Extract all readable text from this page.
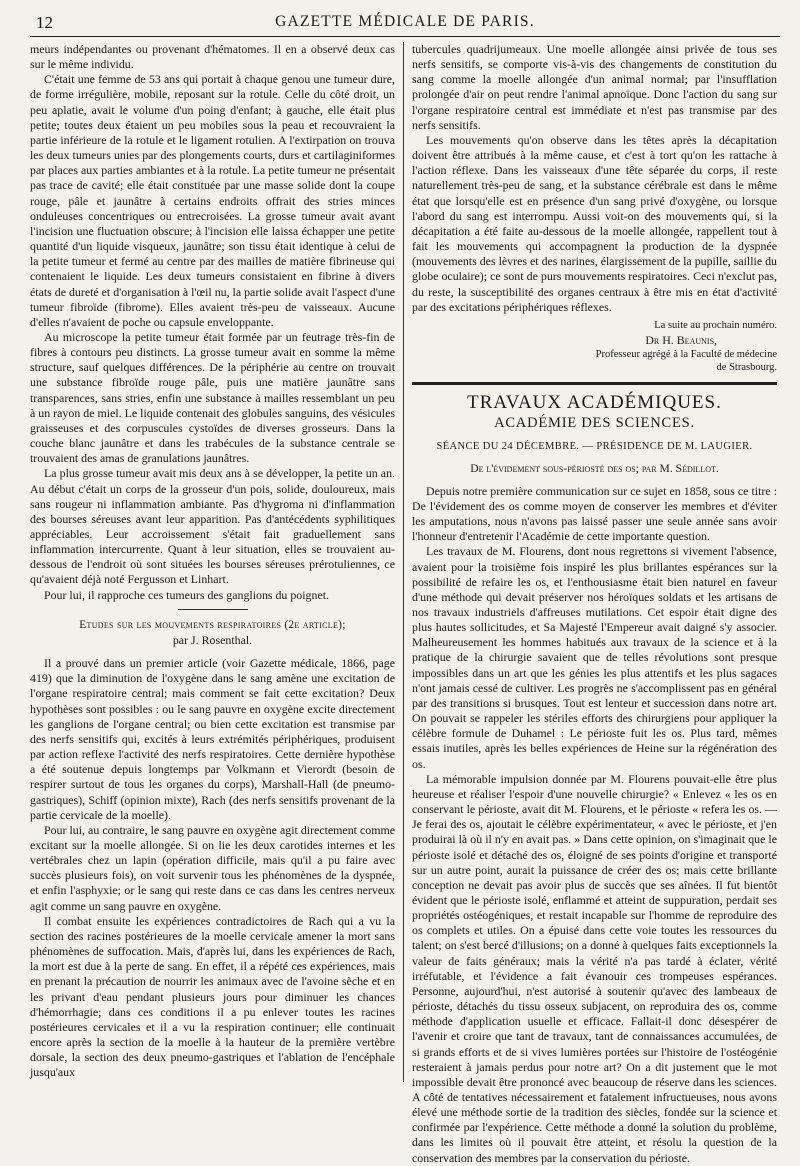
12	GAZETTE MÉDICALE DE PARIS.

meurs indépendantes ou provenant d'hématomes. Il en a observé deux cas sur le même individu.

C'était une femme de 53 ans qui portait à chaque genou une tumeur dure, de forme irrégulière, mobile, reposant sur la rotule. Celle du côté droit, un peu aplatie, avait le volume d'un poing d'enfant; à gauche, elle était plus petite; toutes deux étaient un peu mobiles sous la peau et recouvraient la partie inférieure de la rotule et le ligament rotulien. A l'extirpation on trouva les deux tumeurs unies par des plongements courts, durs et cartilaginiformes par places aux parties ambiantes et à la rotule. La petite tumeur ne présentait pas trace de cavité; elle était constituée par une masse solide dont la coupe rouge, pâle et jaunâtre à certains endroits offrait des stries minces onduleuses concentriques ou entrecroisées. La grosse tumeur avait avant l'incision une fluctuation obscure; à l'incision elle laissa échapper une petite quantité d'un liquide visqueux, jaunâtre; son tissu était identique à celui de la petite tumeur et fermé au centre par des mailles de matière fibrineuse qui contenaient le liquide. Les deux tumeurs consistaient en fibrine à divers états de dureté et d'organisation à l'œil nu, la partie solide avait l'aspect d'une tumeur fibroïde (fibrome). Elles avaient très-peu de vaisseaux. Aucune d'elles n'avaient de poche ou capsule enveloppante.

Au microscope la petite tumeur était formée par un feutrage très-fin de fibres à contours peu distincts. La grosse tumeur avait en somme la même structure, sauf quelques différences. De la périphérie au centre on trouvait une substance fibroïde rouge pâle, puis une matière jaunâtre sans transparences, sans stries, enfin une substance à mailles ressemblant un peu à un rayon de miel. Le liquide contenait des globules sanguins, des vésicules graisseuses et des corpuscules cystoïdes de diverses grosseurs. Dans la couche blanc jaunâtre et dans les trabécules de la substance centrale se trouvaient des amas de granulations jaunâtres.

La plus grosse tumeur avait mis deux ans à se développer, la petite un an. Au début c'était un corps de la grosseur d'un pois, solide, douloureux, mais sans rougeur ni inflammation ambiante. Pas d'hygroma ni d'inflammation des bourses séreuses avant leur apparition. Pas d'antécédents syphilitiques appréciables. Leur accroissement s'était fait graduellement sans inflammation intercurrente. Quant à leur situation, elles se trouvaient au-dessous de l'endroit où sont situées les bourses séreuses prérotuliennes, ce qu'avaient déjà noté Fergusson et Linhart.

Pour lui, il rapproche ces tumeurs des ganglions du poignet.

Etudes sur les mouvements respiratoires (2e article);

par J. Rosenthal.

Il a prouvé dans un premier article (voir Gazette médicale, 1866, page 419) que la diminution de l'oxygène dans le sang amène une excitation de l'organe respiratoire central; mais comment se fait cette excitation? Deux hypothèses sont possibles : ou le sang pauvre en oxygène excite directement les ganglions de l'organe central; ou bien cette excitation est transmise par des nerfs sensitifs qui, excités à leurs extrémités périphériques, produisent par action reflexe l'activité des nerfs respiratoires. Cette dernière hypothèse a été soutenue depuis longtemps par Volkmann et Vierordt (besoin de respirer surtout de tous les organes du corps), Marshall-Hall (de pneumo-gastriques), Schiff (opinion mixte), Rach (des nerfs sensitifs provenant de la partie cervicale de la moelle).

Pour lui, au contraire, le sang pauvre en oxygène agit directement comme excitant sur la moelle allongée. Si on lie les deux carotides internes et les vertébrales chez un lapin (opération difficile, mais qu'il a pu faire avec succès plusieurs fois), on voit survenir tous les phénomènes de la dyspnée, et enfin l'asphyxie; or le sang qui reste dans ce cas dans les centres nerveux agit comme un sang pauvre en oxygène.

Il combat ensuite les expériences contradictoires de Rach qui a vu la section des racines postérieures de la moelle cervicale amener la mort sans phénomènes de suffocation. Mais, d'après lui, dans les expériences de Rach, la mort est due à la perte de sang. En effet, il a répété ces expériences, mais en prenant la précaution de nourrir les animaux avec de l'avoine sèche et en les privant d'eau pendant plusieurs jours pour diminuer les chances d'hémorrhagie; dans ces conditions il a pu enlever toutes les racines postérieures cervicales et il a vu la respiration continuer; elle continuait encore après la section de la moelle à la hauteur de la première vertèbre dorsale, la section des deux pneumo-gastriques et l'ablation de l'encéphale jusqu'aux

tubercules quadrijumeaux. Une moelle allongée ainsi privée de tous ses nerfs sensitifs, se comporte vis-à-vis des changements de constitution du sang comme la moelle allongée d'un animal normal; par l'insufflation prolongée d'air on peut rendre l'animal apnoïque. Donc l'action du sang sur l'organe respiratoire central est immédiate et n'est pas transmise par des nerfs sensitifs.

Les mouvements qu'on observe dans les têtes après la décapitation doivent être attribués à la même cause, et c'est à tort qu'on les rattache à l'action réflexe. Dans les vaisseaux d'une tête séparée du corps, il reste naturellement très-peu de sang, et la substance cérébrale est dans le même état que lorsqu'elle est en présence d'un sang privé d'oxygène, ou lorsque l'abord du sang est interrompu. Aussi voit-on des mouvements qui, si la décapitation a été faite au-dessous de la moelle allongée, rappellent tout à fait les mouvements qui accompagnent la production de la dyspnée (mouvements des lèvres et des narines, élargissement de la pupille, saillie du globe oculaire); ce sont de purs mouvements respiratoires. Ceci n'exclut pas, du reste, la susceptibilité des organes centraux à être mis en état d'activité par des excitations périphériques réflexes.

La suite au prochain numéro.

Dr H. Beaunis,

Professeur agrégé à la Faculté de médecine

de Strasbourg.

TRAVAUX ACADÉMIQUES.

ACADÉMIE DES SCIENCES.

SÉANCE DU 24 DÉCEMBRE. — PRÉSIDENCE DE M. LAUGIER.

De l'évidement sous-périosté des os; par M. Sédillot.

Depuis notre première communication sur ce sujet en 1858, sous ce titre : De l'évidement des os comme moyen de conserver les membres et d'éviter les amputations, nous n'avons pas laissé passer une seule année sans avoir l'honneur d'entretenir l'Académie de cette importante question.

Les travaux de M. Flourens, dont nous regrettons si vivement l'absence, avaient pour la troisième fois inspiré les plus brillantes espérances sur la possibilité de refaire les os, et l'enthousiasme était bien naturel en faveur d'une méthode qui devait préserver nos héroïques soldats et les artisans de nos travaux industriels d'affreuses mutilations. Cet espoir était digne des plus hautes sollicitudes, et Sa Majesté l'Empereur avait daigné s'y associer. Malheureusement les hommes habitués aux travaux de la science et à la pratique de la chirurgie savaient que de telles révolutions sont presque impossibles dans un art que les génies les plus attentifs et les plus sagaces n'ont jamais cessé de cultiver. Les progrès ne s'accomplissent pas en général par des transitions si brusques. Tout est lenteur et succession dans notre art. On pouvait se rappeler les stériles efforts des chirurgiens pour appliquer la célèbre formule de Duhamel : Le périoste fuit les os. Plus tard, mêmes essais inutiles, après les belles expériences de Heine sur la régénération des os.

La mémorable impulsion donnée par M. Flourens pouvait-elle être plus heureuse et réaliser l'espoir d'une nouvelle chirurgie? « Enlevez « les os en conservant le périoste, avait dit M. Flourens, et le périoste « refera les os. — Je ferai des os, ajoutait le célèbre expérimentateur, « avec le périoste, et j'en produirai là où il n'y en avait pas. » Dans cette opinion, on s'imaginait que le périoste isolé et détaché des os, éloigné de ses points d'origine et transporté sur un autre point, aurait la puissance de créer des os; mais cette brillante conception ne devait pas avoir plus de succès que ses aînées. Il fut bientôt évident que le périoste isolé, enflammé et atteint de suppuration, perdait ses propriétés ostéogéniques, et restait incapable sur l'homme de reproduire des os complets et utiles. On a épuisé dans cette voie toutes les ressources du talent; on s'est bercé d'illusions; on a donné à quelques faits exceptionnels la valeur de faits généraux; mais la vérité n'a pas tardé à éclater, vérité irréfutable, et l'évidence a fait évanouir ces trompeuses espérances. Personne, aujourd'hui, n'est autorisé à soutenir qu'avec des lambeaux de périoste, détachés du tissu osseux subjacent, on reproduira des os, comme méthode d'application usuelle et efficace. Fallait-il donc désespérer de l'avenir et croire que tant de travaux, tant de connaissances accumulées, de si grands efforts et de si vives lumières portées sur l'histoire de l'ostéogénie resteraient à jamais perdus pour notre art? On a dit justement que le mot impossible devait être prononcé avec beaucoup de réserve dans les sciences. A côté de tentatives nécessairement et fatalement infructueuses, nous avons élevé une méthode sortie de la tradition des siècles, fondée sur la science et confirmée par l'expérience. Cette méthode a donné la solution du problème, dans les limites où il pouvait être atteint, et résolu la question de la conservation des membres par la conservation du périoste.
